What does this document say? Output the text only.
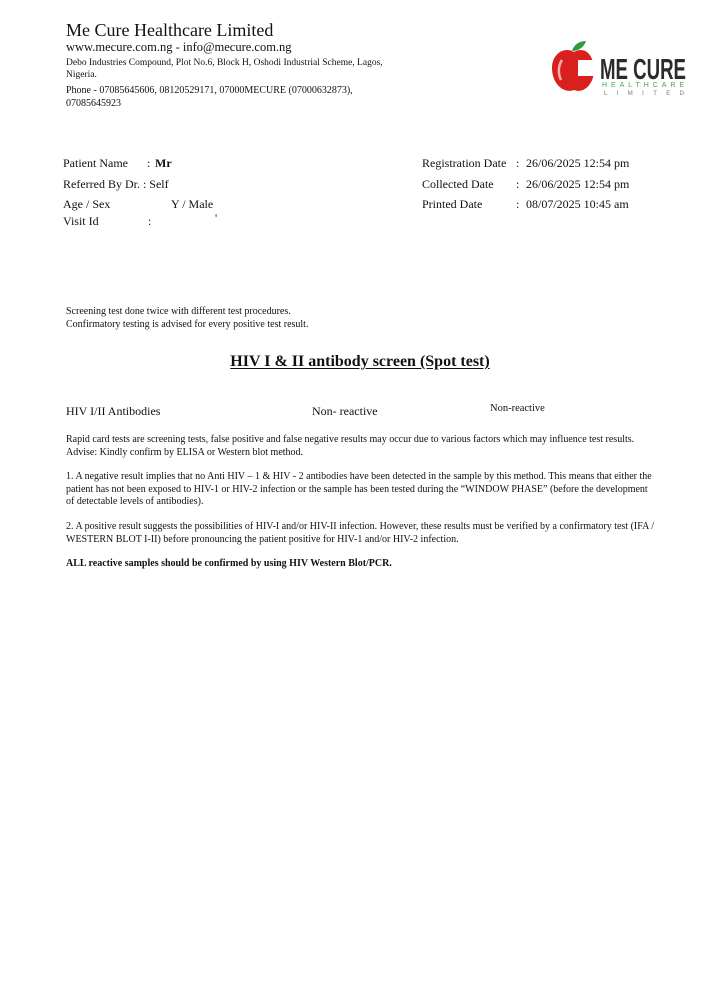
Me Cure Healthcare Limited
www.mecure.com.ng - info@mecure.com.ng
Debo Industries Compound, Plot No.6, Block H, Oshodi Industrial Scheme, Lagos, Nigeria.
Phone - 07085645606, 08120529171, 07000MECURE (07000632873), 07085645923
ME CURE
HEALTHCARE
LIMITED
Patient Name : Mr
Referred By Dr. : Self
Age / Sex	Y / Male
Visit Id	:	'
Registration Date : 26/06/2025 12:54 pm
Collected Date : 26/06/2025 12:54 pm
Printed Date	: 08/07/2025 10:45 am
Screening test done twice with different test procedures.
Confirmatory testing is advised for every positive test result.
HIV I & II antibody screen (Spot test)
HIV I/II Antibodies	Non- reactive	Non-reactive
Rapid card tests are screening tests, false positive and false negative results may occur due to various factors which may influence test results. Advise: Kindly confirm by ELISA or Western blot method.
1. A negative result implies that no Anti HIV – 1 & HIV - 2 antibodies have been detected in the sample by this method. This means that either the patient has not been exposed to HIV-1 or HIV-2 infection or the sample has been tested during the “WINDOW PHASE” (before the development of detectable levels of antibodies).
2. A positive result suggests the possibilities of HIV-I and/or HIV-II infection. However, these results must be verified by a confirmatory test (IFA / WESTERN BLOT I-II) before pronouncing the patient positive for HIV-1 and/or HIV-2 infection.
ALL reactive samples should be confirmed by using HIV Western Blot/PCR.
